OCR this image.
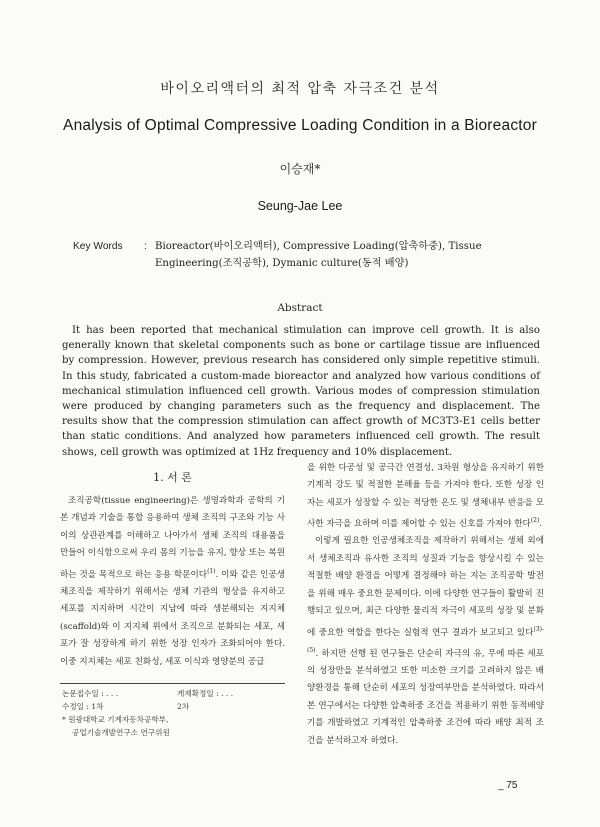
바이오리액터의 최적 압축 자극조건 분석
Analysis of Optimal Compressive Loading Condition in a Bioreactor
이승재*
Seung-Jae Lee
Key Words	: Bioreactor(바이오리액터), Compressive Loading(압축하중), Tissue Engineering(조직공학), Dymanic culture(동적 배양)
Abstract

It has been reported that mechanical stimulation can improve cell growth. It is also generally known that skeletal components such as bone or cartilage tissue are influenced by compression. However, previous research has considered only simple repetitive stimuli. In this study, fabricated a custom-made bioreactor and analyzed how various conditions of mechanical stimulation influenced cell growth. Various modes of compression stimulation were produced by changing parameters such as the frequency and displacement. The results show that the compression stimulation can affect growth of MC3T3-E1 cells better than static conditions. And analyzed how parameters influenced cell growth. The result shows, cell growth was optimized at 1Hz frequency and 10% displacement.

1. 서 론

조직공학(tissue engineering)은 생명과학과 공학의 기본 개념과 기술을 통합 응용하여 생체 조직의 구조와 기능 사이의 상관관계를 이해하고 나아가서 생체 조직의 대용품을 만들어 이식함으로써 우리 몸의 기능을 유지, 향상 또는 복원하는 것을 목적으로 하는 응용 학문이다$^{(1)}$. 이와 같은 인공생체조직을 제작하기 위해서는 생체 기관의 형상을 유지하고 세포를 지지하며 시간이 지남에 따라 생분해되는 지지체(scaffold)와 이 지지체 위에서 조직으로 분화되는 세포, 세포가 잘 성장하게 하기 위한 성장 인자가 조화되어야 한다. 이중 지지체는 세포 친화성, 세포 이식과 영양분의 공급

을 위한 다공성 및 공극간 연결성, 3차원 형상을 유지하기 위한 기계적 강도 및 적절한 분해율 등을 가져야 한다. 또한 성장 인자는 세포가 성장할 수 있는 적당한 온도 및 생체내부 반응을 모사한 자극을 요하며 이를 제어할 수 있는 신호를 가져야 한다$^{(2)}$.

이렇게 필요한 인공생체조직을 제작하기 위해서는 생체 외에서 생체조직과 유사한 조직의 성질과 기능을 향상시킬 수 있는 적절한 배양 환경을 어떻게 결정해야 하는 지는 조직공학 발전을 위해 매우 중요한 문제이다. 이에 다양한 연구들이 활발히 진행되고 있으며, 최근 다양한 물리적 자극이 세포의 성장 및 분화에 중요한 역할을 한다는 실험적 연구 결과가 보고되고 있다$^{(3)-(5)}$. 하지만 선행 된 연구들은 단순히 자극의 유, 무에 따른 세포의 성장만을 분석하였고 또한 미소한 크기를 고려하지 않은 배양환경을 통해 단순히 세포의 성장여부만을 분석하였다. 따라서 본 연구에서는 다양한 압축하중 조건을 적용하기 위한 동적배양기를 개발하였고 기계적인 압축하중 조건에 따라 배양 최적 조건을 분석하고자 하였다.

논문접수일 : . . .	게재확정일 : . . .
수정일 : 1차	2차
* 원광대학교 기계자동차공학부,
공업기술개발연구소 연구위원
_ 75
